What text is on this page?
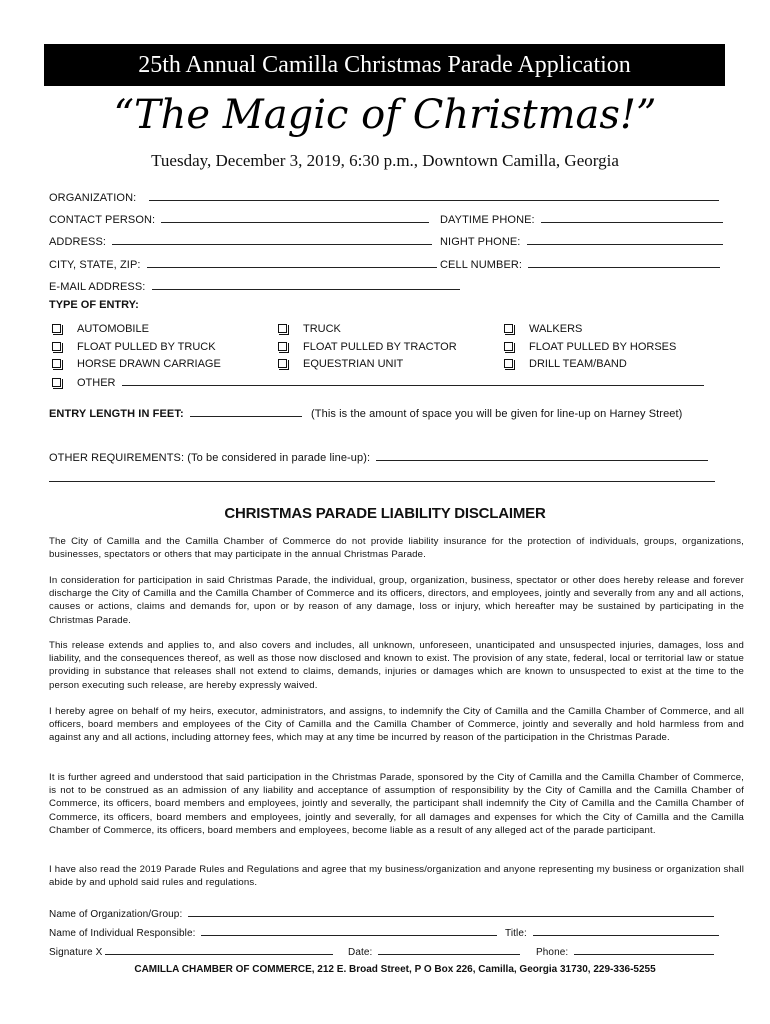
25th Annual Camilla Christmas Parade Application
“The Magic of Christmas!”
Tuesday, December 3, 2019, 6:30 p.m., Downtown Camilla, Georgia
ORGANIZATION:
CONTACT PERSON:	DAYTIME PHONE:
ADDRESS:	NIGHT PHONE:
CITY, STATE, ZIP:	CELL NUMBER:
E-MAIL ADDRESS:
TYPE OF ENTRY:
AUTOMOBILE	TRUCK	WALKERS
FLOAT PULLED BY TRUCK	FLOAT PULLED BY TRACTOR	FLOAT PULLED BY HORSES
HORSE DRAWN CARRIAGE	EQUESTRIAN UNIT	DRILL TEAM/BAND
OTHER
ENTRY LENGTH IN FEET:	(This is the amount of space you will be given for line-up on Harney Street)
OTHER REQUIREMENTS: (To be considered in parade line-up):
CHRISTMAS PARADE LIABILITY DISCLAIMER

The City of Camilla and the Camilla Chamber of Commerce do not provide liability insurance for the protection of individuals, groups, organizations, businesses, spectators or others that may participate in the annual Christmas Parade.

In consideration for participation in said Christmas Parade, the individual, group, organization, business, spectator or other does hereby release and forever discharge the City of Camilla and the Camilla Chamber of Commerce and its officers, directors, and employees, jointly and severally from any and all actions, causes or actions, claims and demands for, upon or by reason of any damage, loss or injury, which hereafter may be sustained by participating in the Christmas Parade.

This release extends and applies to, and also covers and includes, all unknown, unforeseen, unanticipated and unsuspected injuries, damages, loss and liability, and the consequences thereof, as well as those now disclosed and known to exist. The provision of any state, federal, local or territorial law or statue providing in substance that releases shall not extend to claims, demands, injuries or damages which are known to unsuspected to exist at the time to the person executing such release, are hereby expressly waived.

I hereby agree on behalf of my heirs, executor, administrators, and assigns, to indemnify the City of Camilla and the Camilla Chamber of Commerce, and all officers, board members and employees of the City of Camilla and the Camilla Chamber of Commerce, jointly and severally and hold harmless from and against any and all actions, including attorney fees, which may at any time be incurred by reason of the participation in the Christmas Parade.

It is further agreed and understood that said participation in the Christmas Parade, sponsored by the City of Camilla and the Camilla Chamber of Commerce, is not to be construed as an admission of any liability and acceptance of assumption of responsibility by the City of Camilla and the Camilla Chamber of Commerce, its officers, board members and employees, jointly and severally, the participant shall indemnify the City of Camilla and the Camilla Chamber of Commerce, its officers, board members and employees, jointly and severally, for all damages and expenses for which the City of Camilla and the Camilla Chamber of Commerce, its officers, board members and employees, become liable as a result of any alleged act of the parade participant.

I have also read the 2019 Parade Rules and Regulations and agree that my business/organization and anyone representing my business or organization shall abide by and uphold said rules and regulations.

Name of Organization/Group:
Name of Individual Responsible:	Title:
Signature X	Date:	Phone:
CAMILLA CHAMBER OF COMMERCE, 212 E. Broad Street, P O Box 226, Camilla, Georgia 31730, 229-336-5255
